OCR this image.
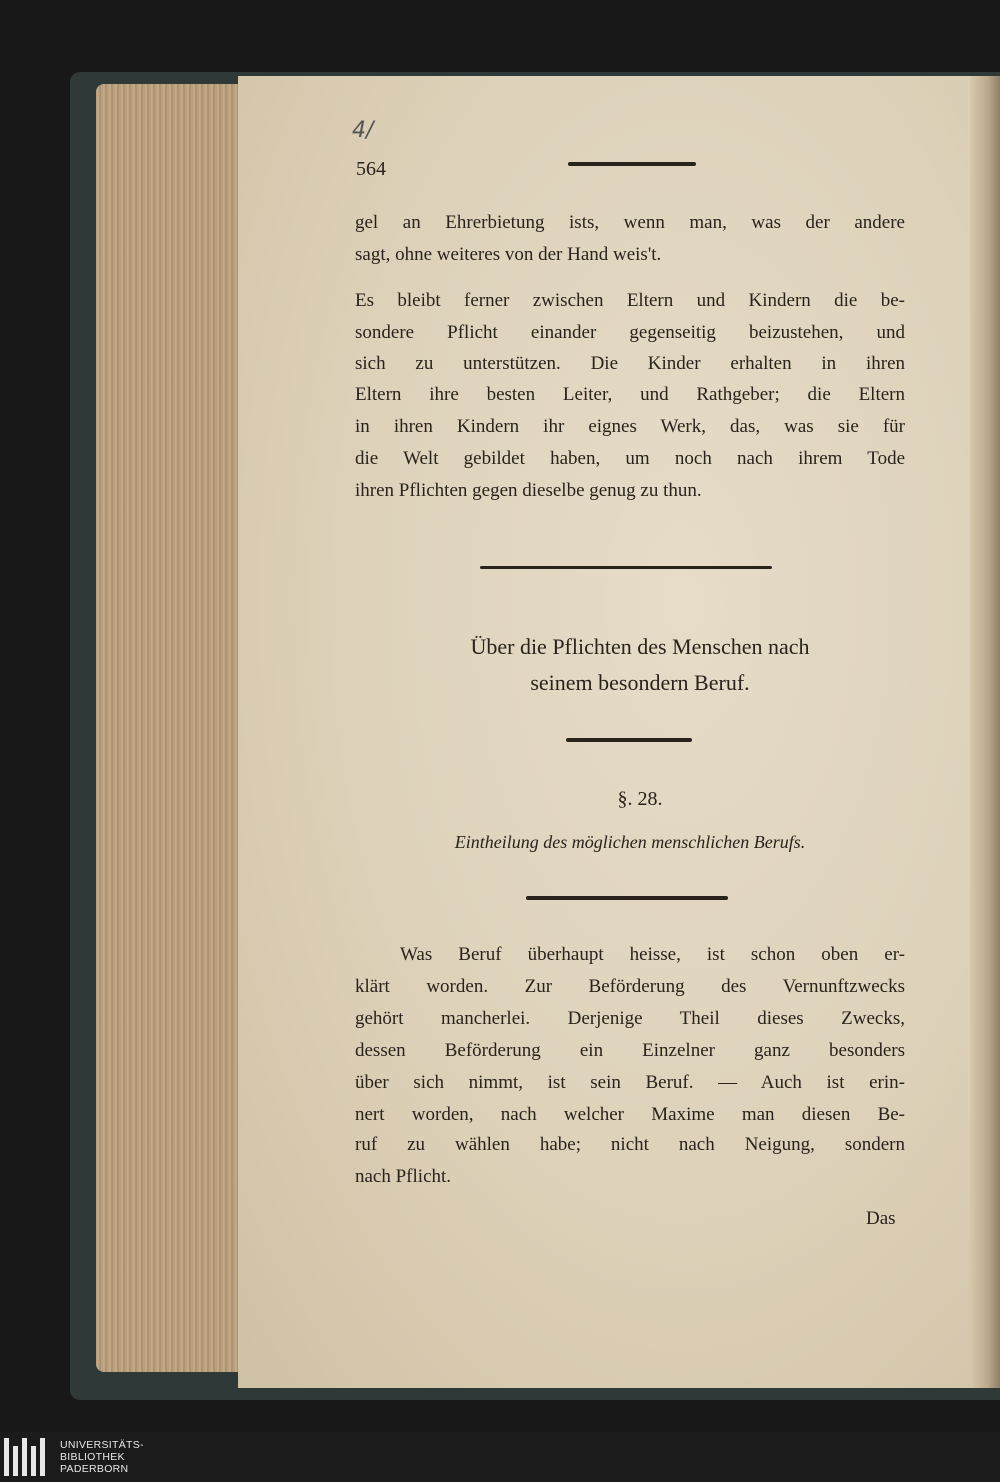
4/
564
gel an Ehrerbietung ists, wenn man, was der andere
sagt, ohne weiteres von der Hand weis't.
Es bleibt ferner zwischen Eltern und Kindern die be-
sondere Pflicht einander gegenseitig beizustehen, und
sich zu unterstützen. Die Kinder erhalten in ihren
Eltern ihre besten Leiter, und Rathgeber; die Eltern
in ihren Kindern ihr eignes Werk, das, was sie für
die Welt gebildet haben, um noch nach ihrem Tode
ihren Pflichten gegen dieselbe genug zu thun.
Über die Pflichten des Menschen nach
seinem besondern Beruf.
§. 28.
Eintheilung des möglichen menschlichen Berufs.
Was Beruf überhaupt heisse, ist schon oben er-
klärt worden. Zur Beförderung des Vernunftzwecks
gehört mancherlei. Derjenige Theil dieses Zwecks,
dessen Beförderung ein Einzelner ganz besonders
über sich nimmt, ist sein Beruf. — Auch ist erin-
nert worden, nach welcher Maxime man diesen Be-
ruf zu wählen habe; nicht nach Neigung, sondern
nach Pflicht.
Das
UNIVERSITÄTS-
BIBLIOTHEK
PADERBORN
